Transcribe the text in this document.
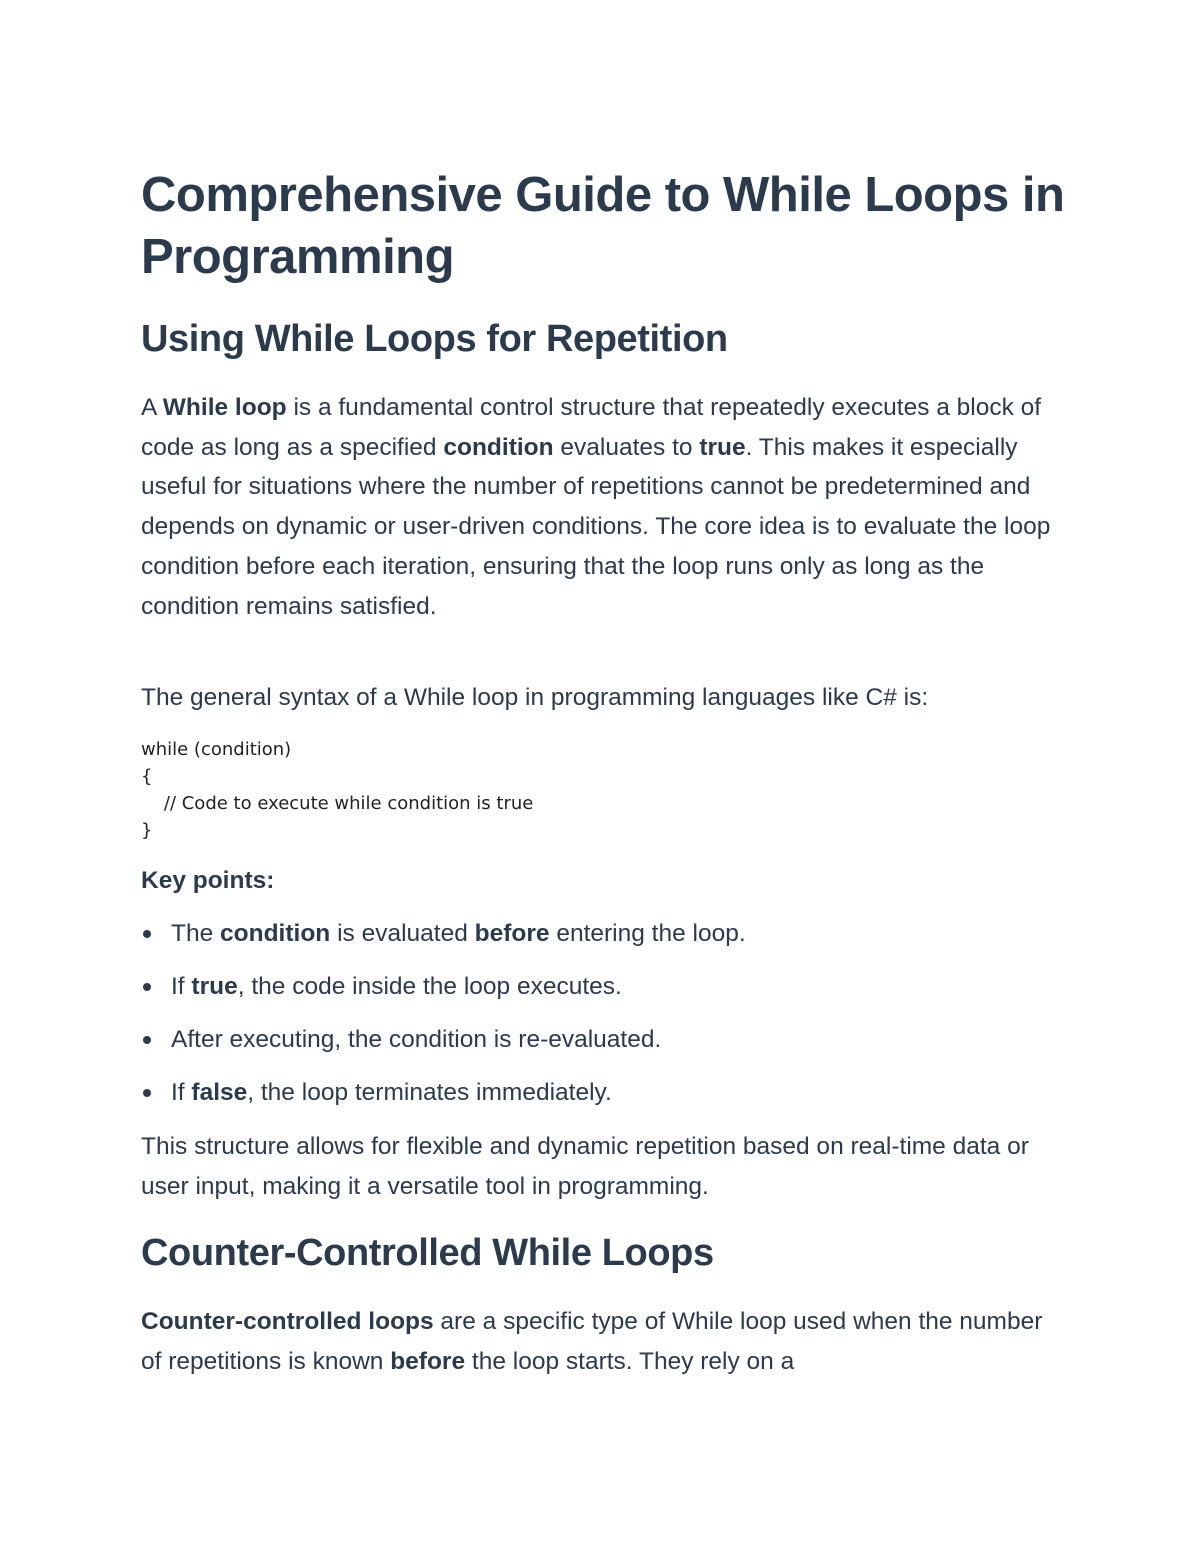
Comprehensive Guide to While Loops in Programming
Using While Loops for Repetition

A While loop is a fundamental control structure that repeatedly executes a block of code as long as a specified condition evaluates to true. This makes it especially useful for situations where the number of repetitions cannot be predetermined and depends on dynamic or user-driven conditions. The core idea is to evaluate the loop condition before each iteration, ensuring that the loop runs only as long as the condition remains satisfied.

The general syntax of a While loop in programming languages like C# is:

while (condition)
{
// Code to execute while condition is true
}

Key points:

The condition is evaluated before entering the loop.
If true, the code inside the loop executes.
After executing, the condition is re-evaluated.
If false, the loop terminates immediately.

This structure allows for flexible and dynamic repetition based on real-time data or user input, making it a versatile tool in programming.

Counter-Controlled While Loops

Counter-controlled loops are a specific type of While loop used when the number of repetitions is known before the loop starts. They rely on a
